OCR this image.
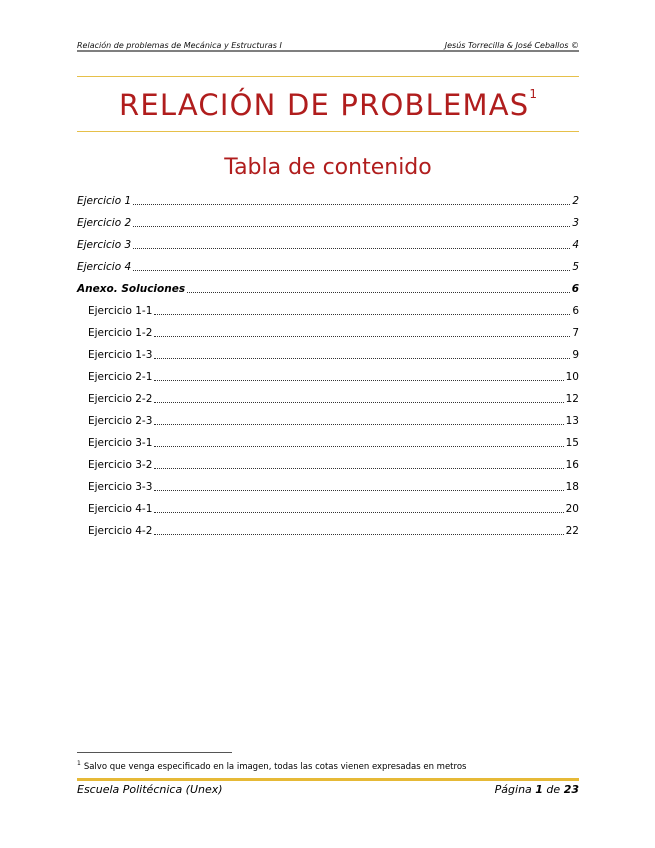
Relación de problemas de Mecánica y Estructuras I	Jesús Torrecilla & José Ceballos ©
RELACIÓN DE PROBLEMAS$^1$
Tabla de contenido
Ejercicio 1	2
Ejercicio 2	3
Ejercicio 3	4
Ejercicio 4	5
Anexo. Soluciones	6
Ejercicio 1-1	6
Ejercicio 1-2	7
Ejercicio 1-3	9
Ejercicio 2-1	10
Ejercicio 2-2	12
Ejercicio 2-3	13
Ejercicio 3-1	15
Ejercicio 3-2	16
Ejercicio 3-3	18
Ejercicio 4-1	20
Ejercicio 4-2	22
$^1$ Salvo que venga especificado en la imagen, todas las cotas vienen expresadas en metros
Escuela Politécnica (Unex)	Página 1 de 23
